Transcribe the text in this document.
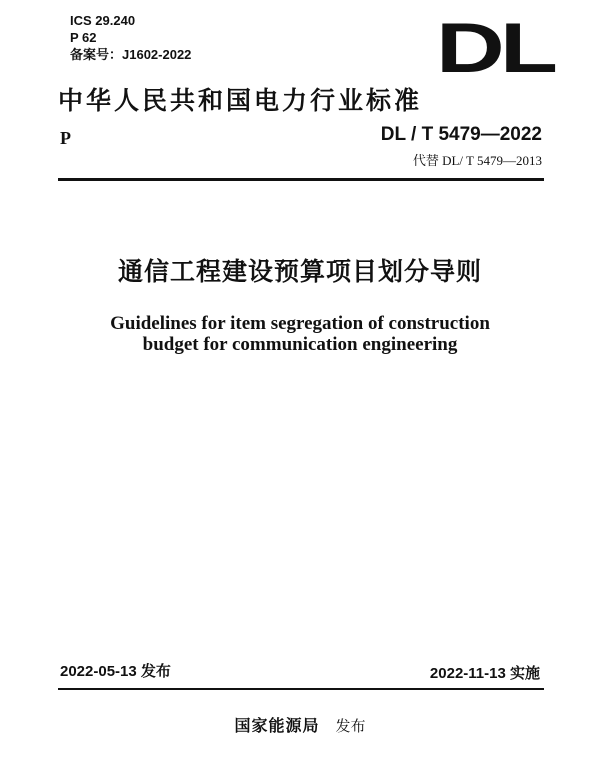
ICS 29.240
P 62
备案号：J1602-2022	DL
中华人民共和国电力行业标准
P	DL / T 5479—2022
代替 DL/ T 5479—2013
通信工程建设预算项目划分导则
Guidelines for item segregation of construction
budget for communication engineering
2022-05-13 发布	2022-11-13 实施
国家能源局 发布
